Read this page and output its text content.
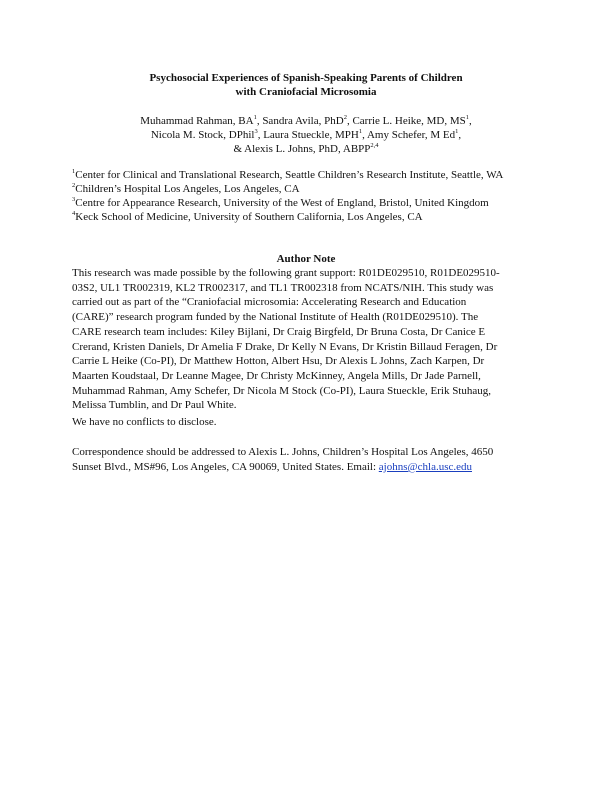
Psychosocial Experiences of Spanish-Speaking Parents of Children
with Craniofacial Microsomia
Muhammad Rahman, $BA^1$, Sandra Avila, PhD$^2$, Carrie L. Heike, MD, $MS^1$,
Nicola M. Stock, DPhil$^3$, Laura Stueckle, MPH$^1$, Amy Schefer, M Ed$^1$,
& Alexis L. Johns, PhD, ABPP$^{2,4}$
$^1$Center for Clinical and Translational Research, Seattle Children’s Research Institute, Seattle, WA
$^2$Children’s Hospital Los Angeles, Los Angeles, CA
$^3$Centre for Appearance Research, University of the West of England, Bristol, United Kingdom
$^4$Keck School of Medicine, University of Southern California, Los Angeles, CA
Author Note
This research was made possible by the following grant support: R01DE029510, R01DE029510-
03S2, UL1 TR002319, KL2 TR002317, and TL1 TR002318 from NCATS/NIH. This study was
carried out as part of the “Craniofacial microsomia: Accelerating Research and Education
(CARE)” research program funded by the National Institute of Health (R01DE029510). The
CARE research team includes: Kiley Bijlani, Dr Craig Birgfeld, Dr Bruna Costa, Dr Canice E
Crerand, Kristen Daniels, Dr Amelia F Drake, Dr Kelly N Evans, Dr Kristin Billaud Feragen, Dr
Carrie L Heike (Co-PI), Dr Matthew Hotton, Albert Hsu, Dr Alexis L Johns, Zach Karpen, Dr
Maarten Koudstaal, Dr Leanne Magee, Dr Christy McKinney, Angela Mills, Dr Jade Parnell,
Muhammad Rahman, Amy Schefer, Dr Nicola M Stock (Co-PI), Laura Stueckle, Erik Stuhaug,
Melissa Tumblin, and Dr Paul White.
We have no conflicts to disclose.
Correspondence should be addressed to Alexis L. Johns, Children’s Hospital Los Angeles, 4650
Sunset Blvd., MS#96, Los Angeles, CA 90069, United States. Email: ajohns@chla.usc.edu
